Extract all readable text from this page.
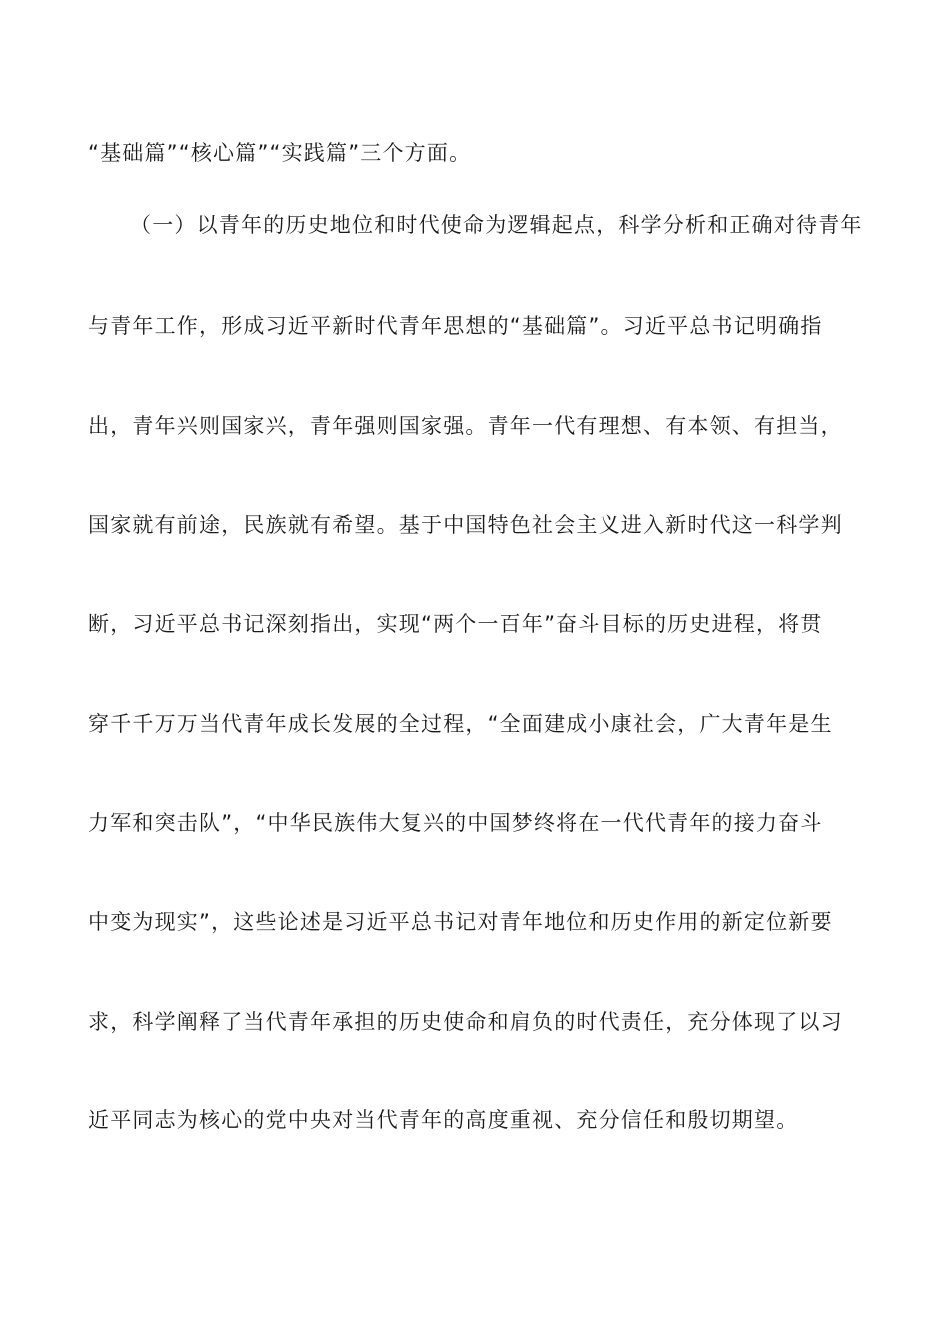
“基础篇”“核心篇”“实践篇”三个方面。
（一）以青年的历史地位和时代使命为逻辑起点，科学分析和正确对待青年
与青年工作，形成习近平新时代青年思想的“基础篇”。习近平总书记明确指
出，青年兴则国家兴，青年强则国家强。青年一代有理想、有本领、有担当，
国家就有前途，民族就有希望。基于中国特色社会主义进入新时代这一科学判
断，习近平总书记深刻指出，实现“两个一百年”奋斗目标的历史进程，将贯
穿千千万万当代青年成长发展的全过程，“全面建成小康社会，广大青年是生
力军和突击队”，“中华民族伟大复兴的中国梦终将在一代代青年的接力奋斗
中变为现实”，这些论述是习近平总书记对青年地位和历史作用的新定位新要
求，科学阐释了当代青年承担的历史使命和肩负的时代责任，充分体现了以习
近平同志为核心的党中央对当代青年的高度重视、充分信任和殷切期望。
